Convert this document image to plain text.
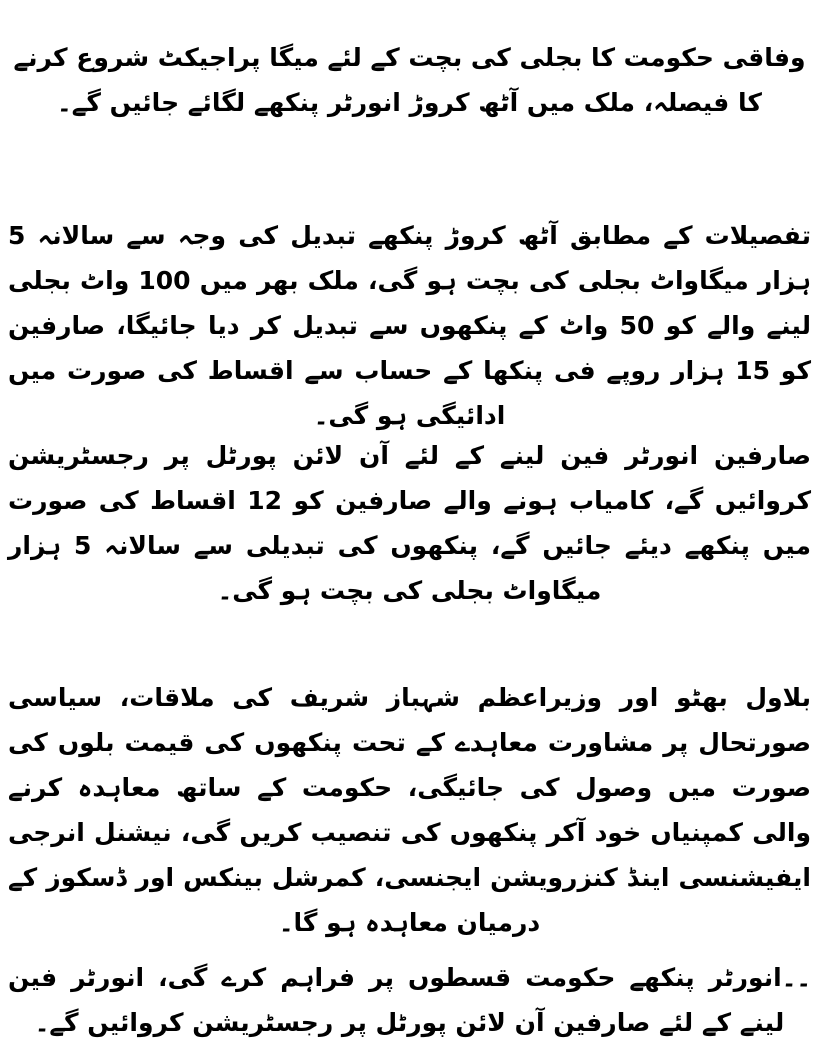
وفاقی حکومت کا بجلی کی بچت کے لئے میگا پراجیکٹ شروع کرنے کا فیصلہ، ملک میں آٹھ کروڑ انورٹر پنکھے لگائے جائیں گے۔

تفصیلات کے مطابق آٹھ کروڑ پنکھے تبدیل کی وجہ سے سالانہ 5 ہزار میگاواٹ بجلی کی بچت ہو گی، ملک بھر میں 100 واٹ بجلی لینے والے کو 50 واٹ کے پنکھوں سے تبدیل کر دیا جائیگا، صارفین کو 15 ہزار روپے فی پنکھا کے حساب سے اقساط کی صورت میں ادائیگی ہو گی۔

صارفین انورٹر فین لینے کے لئے آن لائن پورٹل پر رجسٹریشن کروائیں گے، کامیاب ہونے والے صارفین کو 12 اقساط کی صورت میں پنکھے دیئے جائیں گے، پنکھوں کی تبدیلی سے سالانہ 5 ہزار میگاواٹ بجلی کی بچت ہو گی۔

بلاول بھٹو اور وزیراعظم شہباز شریف کی ملاقات، سیاسی صورتحال پر مشاورت معاہدے کے تحت پنکھوں کی قیمت بلوں کی صورت میں وصول کی جائیگی، حکومت کے ساتھ معاہدہ کرنے والی کمپنیاں خود آکر پنکھوں کی تنصیب کریں گی، نیشنل انرجی ایفیشنسی اینڈ کنزرویشن ایجنسی، کمرشل بینکس اور ڈسکوز کے درمیان معاہدہ ہو گا۔

۔۔انورٹر پنکھے حکومت قسطوں پر فراہم کرے گی، انورٹر فین لینے کے لئے صارفین آن لائن پورٹل پر رجسٹریشن کروائیں گے۔
